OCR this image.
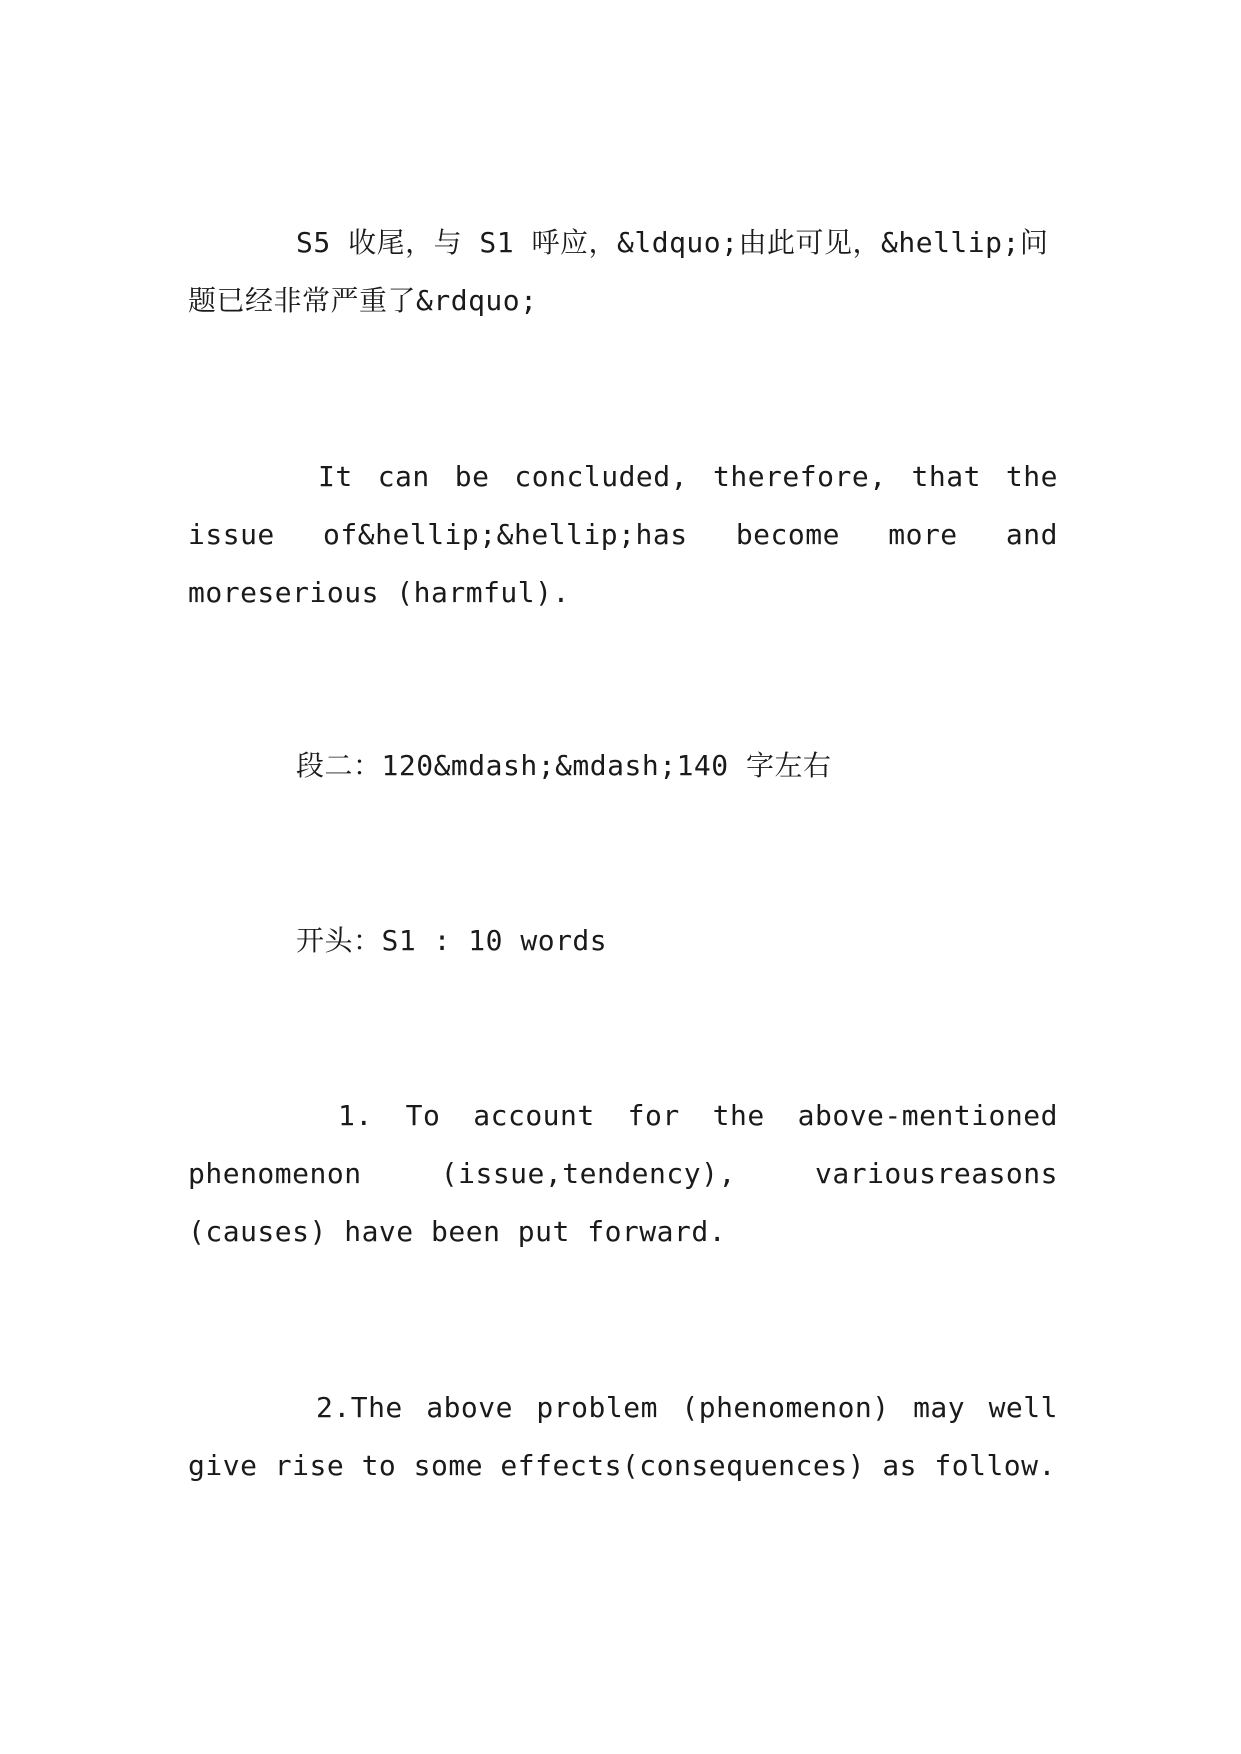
S5 收尾，与 S1 呼应，&ldquo;由此可见，&hellip;问题已经非常严重了&rdquo;

It can be concluded, therefore, that the issue of&hellip;&hellip;has become more and moreserious (harmful).

段二：120&mdash;&mdash;140 字左右

开头：S1 : 10 words

1. To account for the above-mentioned phenomenon (issue,tendency), variousreasons (causes) have been put forward.

2.The above problem (phenomenon) may well give rise to some effects(consequences) as follow.
